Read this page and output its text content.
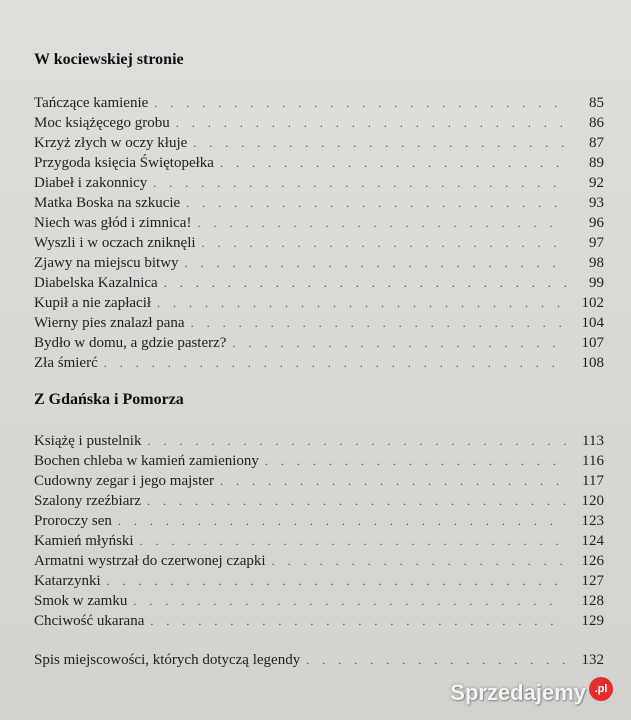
W kociewskiej stronie
Tańczące kamienie . . .	85
Moc książęcego grobu . . .	86
Krzyż złych w oczy kłuje . . .	87
Przygoda księcia Świętopełka . . .	89
Diabeł i zakonnicy . . .	92
Matka Boska na szkucie . . .	93
Niech was głód i zimnica! . . .	96
Wyszli i w oczach zniknęli . . .	97
Zjawy na miejscu bitwy . . .	98
Diabelska Kazalnica . . .	99
Kupił a nie zapłacił . . .	102
Wierny pies znalazł pana . . .	104
Bydło w domu, a gdzie pasterz? . . .	107
Zła śmierć . . .	108
Z Gdańska i Pomorza
Książę i pustelnik . . .	113
Bochen chleba w kamień zamieniony . . .	116
Cudowny zegar i jego majster . . .	117
Szalony rzeźbiarz . . .	120
Proroczy sen . . .	123
Kamień młyński . . .	124
Armatni wystrzał do czerwonej czapki . . .	126
Katarzynki . . .	127
Smok w zamku . . .	128
Chciwość ukarana . . .	129
Spis miejscowości, których dotyczą legendy . . .	132
Sprzedajemy .pl
